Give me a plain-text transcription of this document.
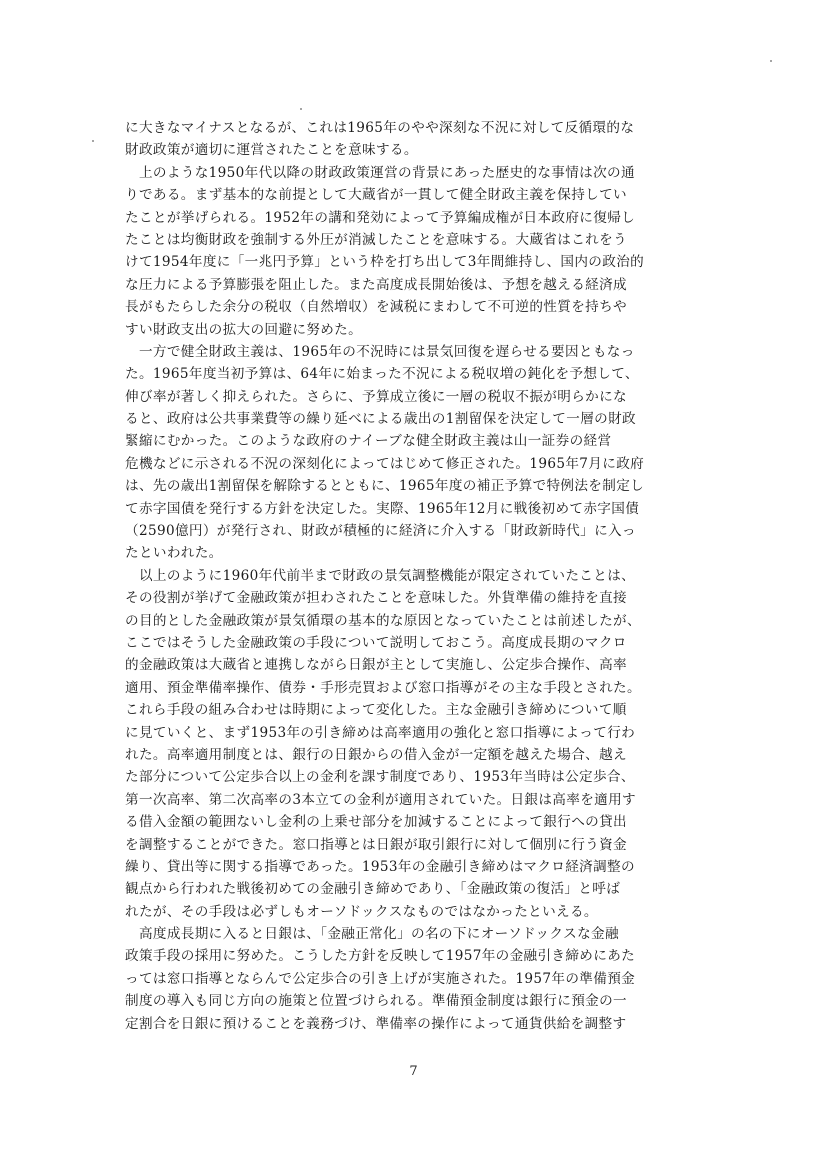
に大きなマイナスとなるが、これは1965年のやや深刻な不況に対して反循環的な
財政政策が適切に運営されたことを意味する。
　上のような1950年代以降の財政政策運営の背景にあった歴史的な事情は次の通
りである。まず基本的な前提として大蔵省が一貫して健全財政主義を保持してい
たことが挙げられる。1952年の講和発効によって予算編成権が日本政府に復帰し
たことは均衡財政を強制する外圧が消滅したことを意味する。大蔵省はこれをう
けて1954年度に「一兆円予算」という枠を打ち出して3年間維持し、国内の政治的
な圧力による予算膨張を阻止した。また高度成長開始後は、予想を越える経済成
長がもたらした余分の税収（自然増収）を減税にまわして不可逆的性質を持ちや
すい財政支出の拡大の回避に努めた。
　一方で健全財政主義は、1965年の不況時には景気回復を遅らせる要因ともなっ
た。1965年度当初予算は、64年に始まった不況による税収増の鈍化を予想して、
伸び率が著しく抑えられた。さらに、予算成立後に一層の税収不振が明らかにな
ると、政府は公共事業費等の繰り延べによる歳出の1割留保を決定して一層の財政
緊縮にむかった。このような政府のナイーブな健全財政主義は山一証券の経営
危機などに示される不況の深刻化によってはじめて修正された。1965年7月に政府
は、先の歳出1割留保を解除するとともに、1965年度の補正予算で特例法を制定し
て赤字国債を発行する方針を決定した。実際、1965年12月に戦後初めて赤字国債
（2590億円）が発行され、財政が積極的に経済に介入する「財政新時代」に入っ
たといわれた。
　以上のように1960年代前半まで財政の景気調整機能が限定されていたことは、
その役割が挙げて金融政策が担わされたことを意味した。外貨準備の維持を直接
の目的とした金融政策が景気循環の基本的な原因となっていたことは前述したが、
ここではそうした金融政策の手段について説明しておこう。高度成長期のマクロ
的金融政策は大蔵省と連携しながら日銀が主として実施し、公定歩合操作、高率
適用、預金準備率操作、債券・手形売買および窓口指導がその主な手段とされた。
これら手段の組み合わせは時期によって変化した。主な金融引き締めについて順
に見ていくと、まず1953年の引き締めは高率適用の強化と窓口指導によって行わ
れた。高率適用制度とは、銀行の日銀からの借入金が一定額を越えた場合、越え
た部分について公定歩合以上の金利を課す制度であり、1953年当時は公定歩合、
第一次高率、第二次高率の3本立ての金利が適用されていた。日銀は高率を適用す
る借入金額の範囲ないし金利の上乗せ部分を加減することによって銀行への貸出
を調整することができた。窓口指導とは日銀が取引銀行に対して個別に行う資金
繰り、貸出等に関する指導であった。1953年の金融引き締めはマクロ経済調整の
観点から行われた戦後初めての金融引き締めであり、「金融政策の復活」と呼ば
れたが、その手段は必ずしもオーソドックスなものではなかったといえる。
　高度成長期に入ると日銀は、「金融正常化」の名の下にオーソドックスな金融
政策手段の採用に努めた。こうした方針を反映して1957年の金融引き締めにあた
っては窓口指導とならんで公定歩合の引き上げが実施された。1957年の準備預金
制度の導入も同じ方向の施策と位置づけられる。準備預金制度は銀行に預金の一
定割合を日銀に預けることを義務づけ、準備率の操作によって通貨供給を調整す
7
